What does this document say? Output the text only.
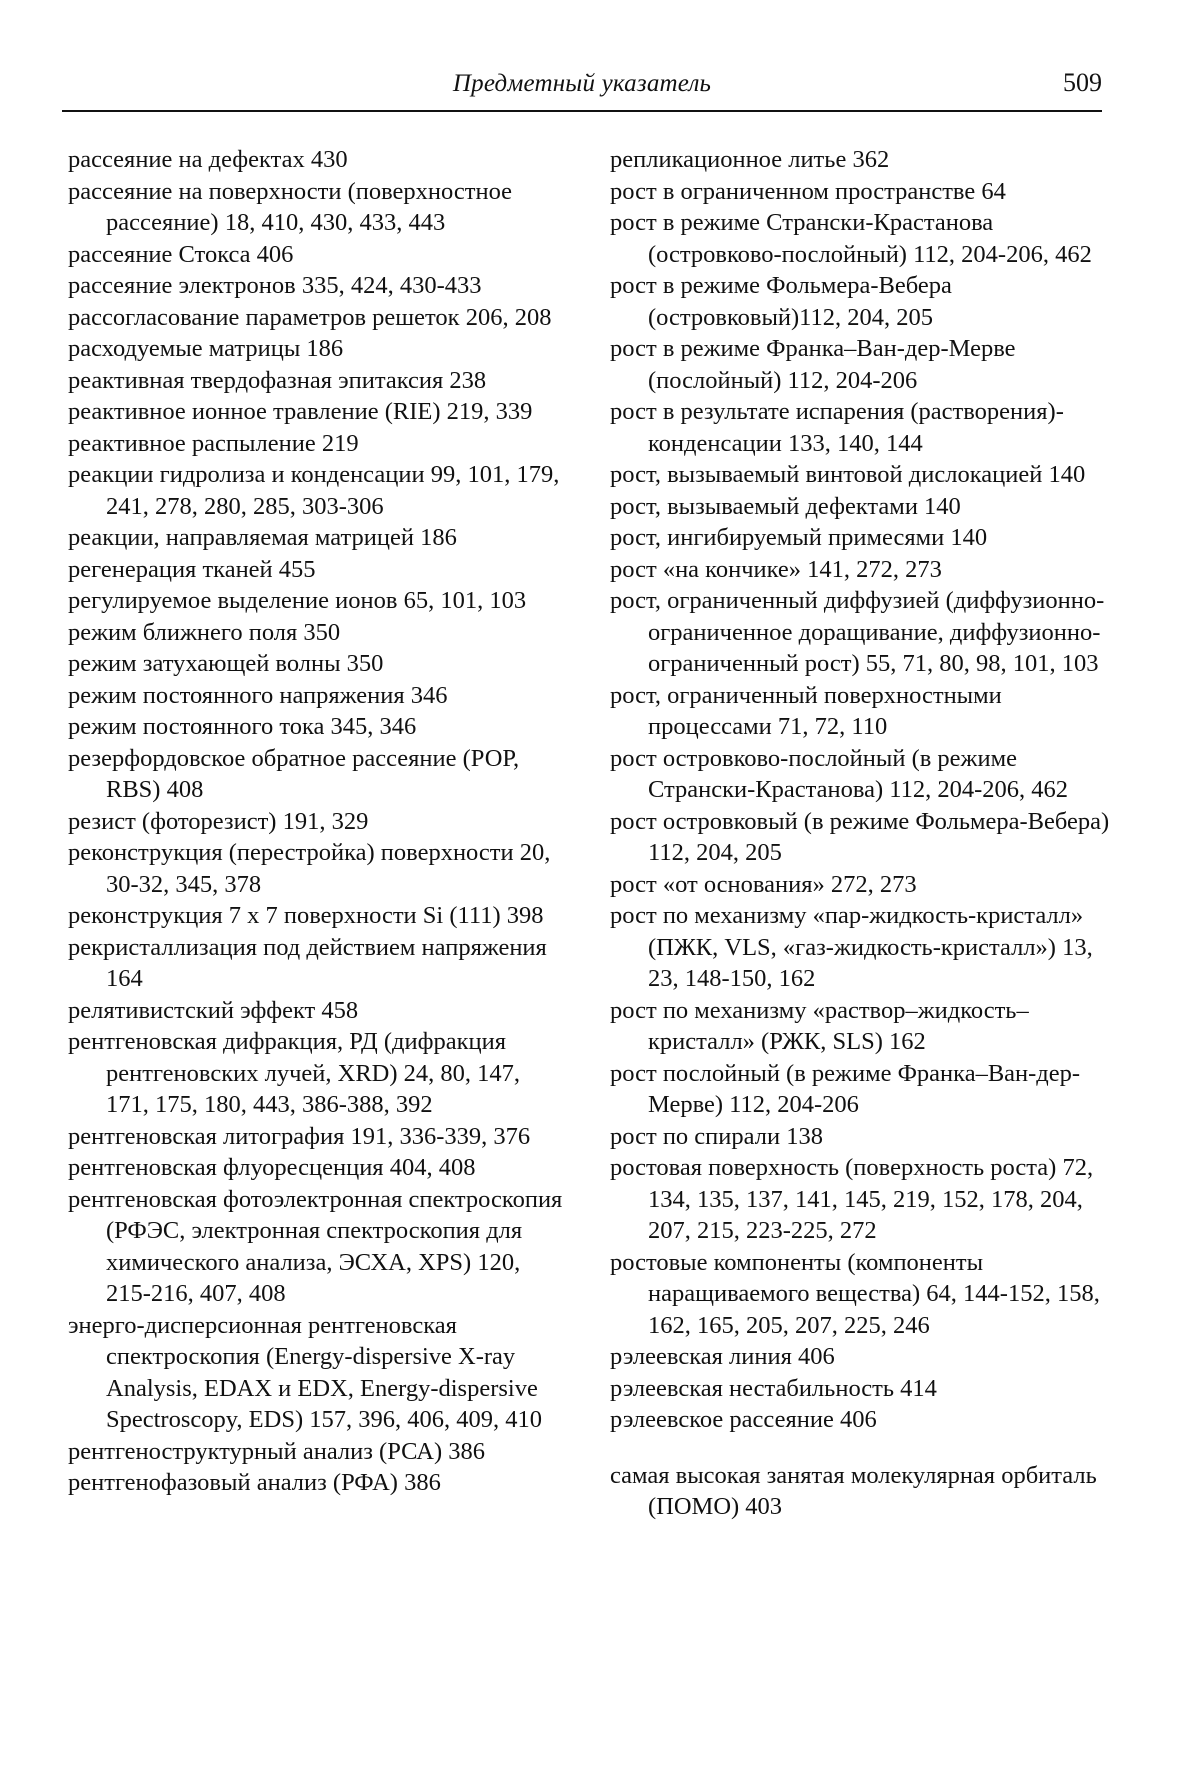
Предметный указатель	509
рассеяние на дефектах 430
рассеяние на поверхности (поверхностное рассеяние) 18, 410, 430, 433, 443
рассеяние Стокса 406
рассеяние электронов 335, 424, 430-433
рассогласование параметров решеток 206, 208
расходуемые матрицы 186
реактивная твердофазная эпитаксия 238
реактивное ионное травление (RIE) 219, 339
реактивное распыление 219
реакции гидролиза и конденсации 99, 101, 179, 241, 278, 280, 285, 303-306
реакции, направляемая матрицей 186
регенерация тканей 455
регулируемое выделение ионов 65, 101, 103
режим ближнего поля 350
режим затухающей волны 350
режим постоянного напряжения 346
режим постоянного тока 345, 346
резерфордовское обратное рассеяние (РОР, RBS) 408
резист (фоторезист) 191, 329
реконструкция (перестройка) поверхности 20, 30-32, 345, 378
реконструкция 7 х 7 поверхности Si (111) 398
рекристаллизация под действием напряжения 164
релятивистский эффект 458
рентгеновская дифракция, РД (дифракция рентгеновских лучей, XRD) 24, 80, 147, 171, 175, 180, 443, 386-388, 392
рентгеновская литография 191, 336-339, 376
рентгеновская флуоресценция 404, 408
рентгеновская фотоэлектронная спектроскопия (РФЭС, электронная спектроскопия для химического анализа, ЭСХА, XPS) 120, 215-216, 407, 408
энерго-дисперсионная рентгеновская спектроскопия (Energy-dispersive X-ray Analysis, EDAX и EDX, Energy-dispersive Spectroscopy, EDS) 157, 396, 406, 409, 410
рентгеноструктурный анализ (РСА) 386
рентгенофазовый анализ (РФА) 386
репликационное литье 362
рост в ограниченном пространстве 64
рост в режиме Странски-Крастанова (островково-послойный) 112, 204-206, 462
рост в режиме Фольмера-Вебера (островковый)112, 204, 205
рост в режиме Франка–Ван-дер-Мерве (послойный) 112, 204-206
рост в результате испарения (растворения)-конденсации 133, 140, 144
рост, вызываемый винтовой дислокацией 140
рост, вызываемый дефектами 140
рост, ингибируемый примесями 140
рост «на кончике» 141, 272, 273
рост, ограниченный диффузией (диффузионно-ограниченное доращивание, диффузионно-ограниченный рост) 55, 71, 80, 98, 101, 103
рост, ограниченный поверхностными процессами 71, 72, 110
рост островково-послойный (в режиме Странски-Крастанова) 112, 204-206, 462
рост островковый (в режиме Фольмера-Вебера) 112, 204, 205
рост «от основания» 272, 273
рост по механизму «пар-жидкость-кристалл» (ПЖК, VLS, «газ-жидкость-кристалл») 13, 23, 148-150, 162
рост по механизму «раствор–жидкость–кристалл» (РЖК, SLS) 162
рост послойный (в режиме Франка–Ван-дер-Мерве) 112, 204-206
рост по спирали 138
ростовая поверхность (поверхность роста) 72, 134, 135, 137, 141, 145, 219, 152, 178, 204, 207, 215, 223-225, 272
ростовые компоненты (компоненты наращиваемого вещества) 64, 144-152, 158, 162, 165, 205, 207, 225, 246
рэлеевская линия 406
рэлеевская нестабильность 414
рэлеевское рассеяние 406
самая высокая занятая молекулярная орбиталь (ПОМО) 403
